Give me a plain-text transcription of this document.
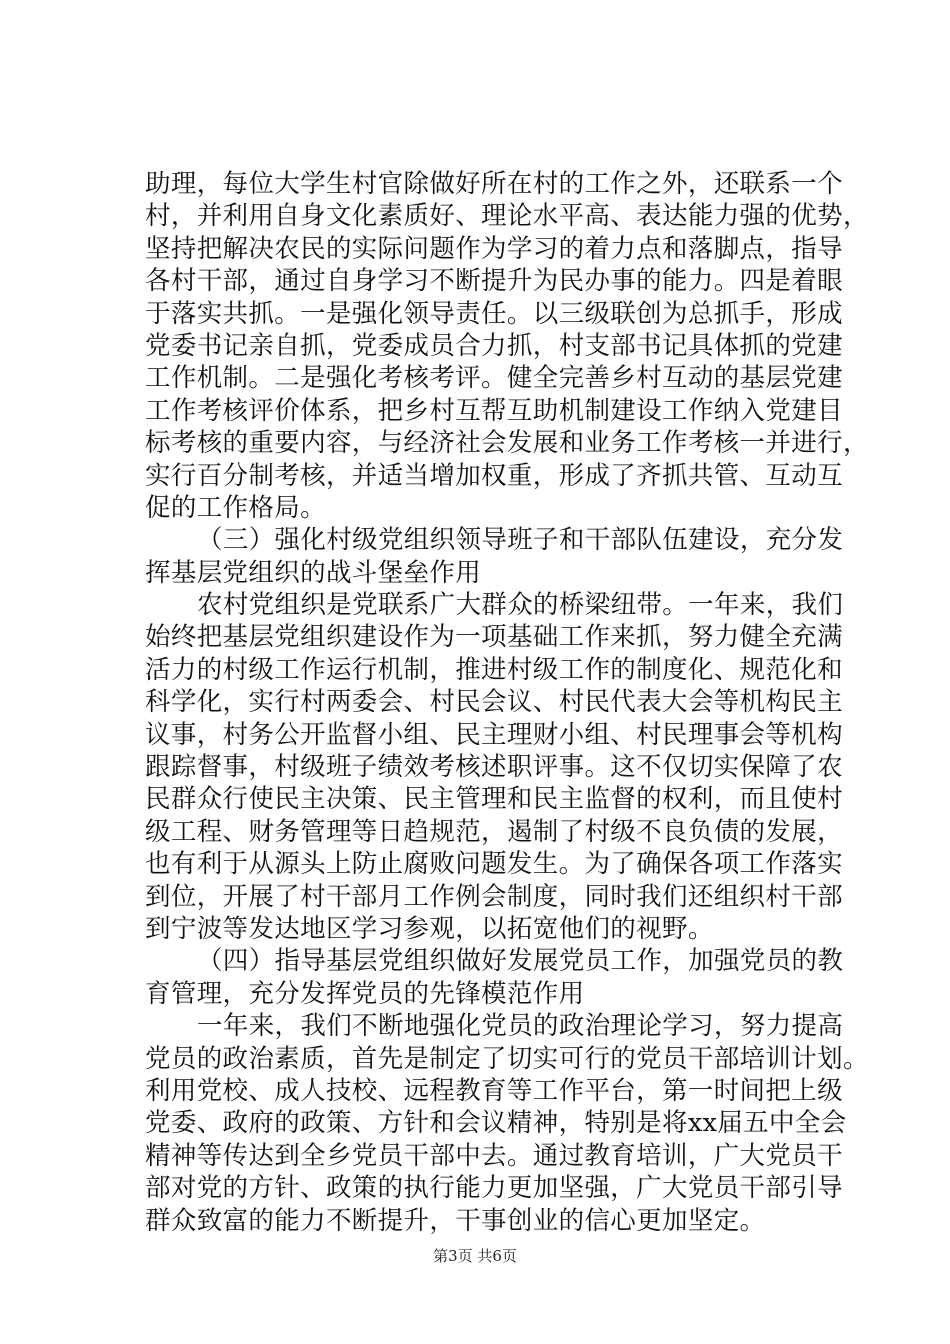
助理，每位大学生村官除做好所在村的工作之外，还联系一个
村，并利用自身文化素质好、理论水平高、表达能力强的优势，
坚持把解决农民的实际问题作为学习的着力点和落脚点，指导
各村干部，通过自身学习不断提升为民办事的能力。四是着眼
于落实共抓。一是强化领导责任。以三级联创为总抓手，形成
党委书记亲自抓，党委成员合力抓，村支部书记具体抓的党建
工作机制。二是强化考核考评。健全完善乡村互动的基层党建
工作考核评价体系，把乡村互帮互助机制建设工作纳入党建目
标考核的重要内容，与经济社会发展和业务工作考核一并进行，
实行百分制考核，并适当增加权重，形成了齐抓共管、互动互
促的工作格局。
（三）强化村级党组织领导班子和干部队伍建设，充分发
挥基层党组织的战斗堡垒作用
农村党组织是党联系广大群众的桥梁纽带。一年来，我们
始终把基层党组织建设作为一项基础工作来抓，努力健全充满
活力的村级工作运行机制，推进村级工作的制度化、规范化和
科学化，实行村两委会、村民会议、村民代表大会等机构民主
议事，村务公开监督小组、民主理财小组、村民理事会等机构
跟踪督事，村级班子绩效考核述职评事。这不仅切实保障了农
民群众行使民主决策、民主管理和民主监督的权利，而且使村
级工程、财务管理等日趋规范，遏制了村级不良负债的发展，
也有利于从源头上防止腐败问题发生。为了确保各项工作落实
到位，开展了村干部月工作例会制度，同时我们还组织村干部
到宁波等发达地区学习参观，以拓宽他们的视野。
（四）指导基层党组织做好发展党员工作，加强党员的教
育管理，充分发挥党员的先锋模范作用
一年来，我们不断地强化党员的政治理论学习，努力提高
党员的政治素质，首先是制定了切实可行的党员干部培训计划。
利用党校、成人技校、远程教育等工作平台，第一时间把上级
党委、政府的政策、方针和会议精神，特别是将xx届五中全会
精神等传达到全乡党员干部中去。通过教育培训，广大党员干
部对党的方针、政策的执行能力更加坚强，广大党员干部引导
群众致富的能力不断提升，干事创业的信心更加坚定。
第3页 共6页
